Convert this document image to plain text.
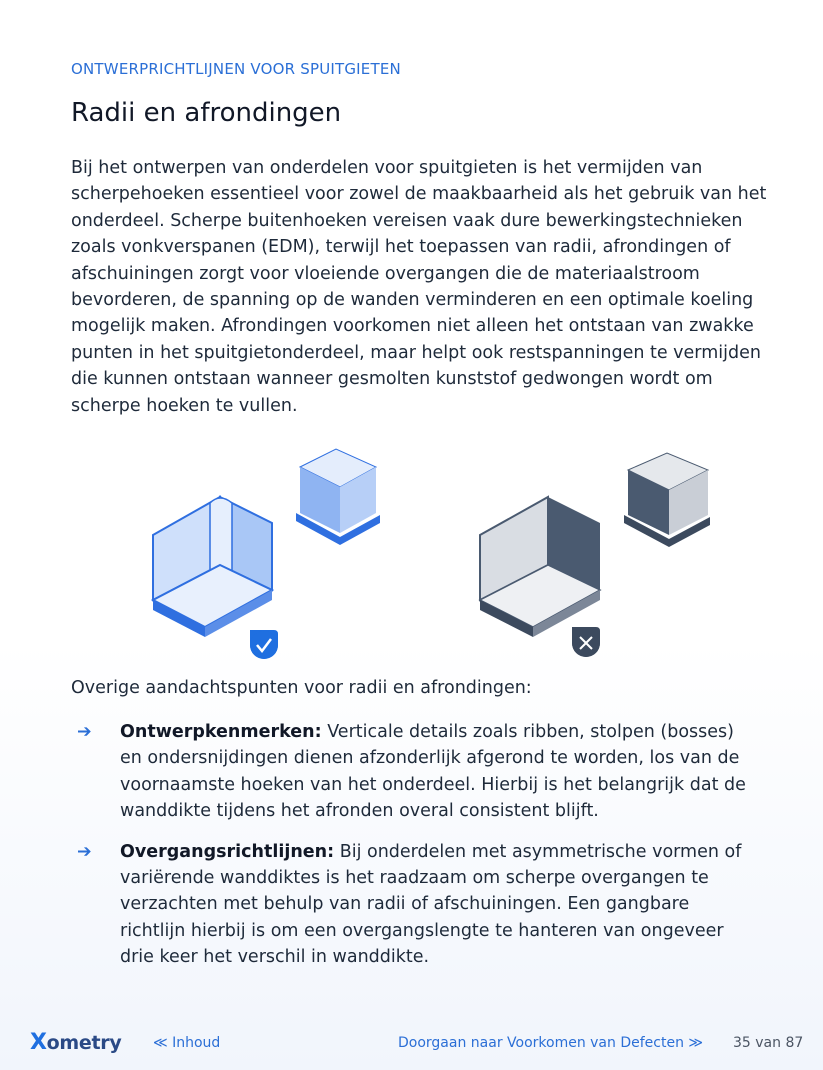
ONTWERPRICHTLIJNEN VOOR SPUITGIETEN
Radii en afrondingen

Bij het ontwerpen van onderdelen voor spuitgieten is het vermijden van scherpehoeken essentieel voor zowel de maakbaarheid als het gebruik van het onderdeel. Scherpe buitenhoeken vereisen vaak dure bewerkingstechnieken zoals vonkverspanen (EDM), terwijl het toepassen van radii, afrondingen of afschuiningen zorgt voor vloeiende overgangen die de materiaalstroom bevorderen, de spanning op de wanden verminderen en een optimale koeling mogelijk maken. Afrondingen voorkomen niet alleen het ontstaan van zwakke punten in het spuitgietonderdeel, maar helpt ook restspanningen te vermijden die kunnen ontstaan wanneer gesmolten kunststof gedwongen wordt om scherpe hoeken te vullen.

Overige aandachtspunten voor radii en afrondingen:

➔ Ontwerpkenmerken: Verticale details zoals ribben, stolpen (bosses) en ondersnijdingen dienen afzonderlijk afgerond te worden, los van de voornaamste hoeken van het onderdeel. Hierbij is het belangrijk dat de wanddikte tijdens het afronden overal consistent blijft.
➔ Overgangsrichtlijnen: Bij onderdelen met asymmetrische vormen of variërende wanddiktes is het raadzaam om scherpe overgangen te verzachten met behulp van radii of afschuiningen. Een gangbare richtlijn hierbij is om een overgangslengte te hanteren van ongeveer drie keer het verschil in wanddikte.
Xometry ≪ Inhoud	Doorgaan naar Voorkomen van Defecten ≫ 35 van 87
